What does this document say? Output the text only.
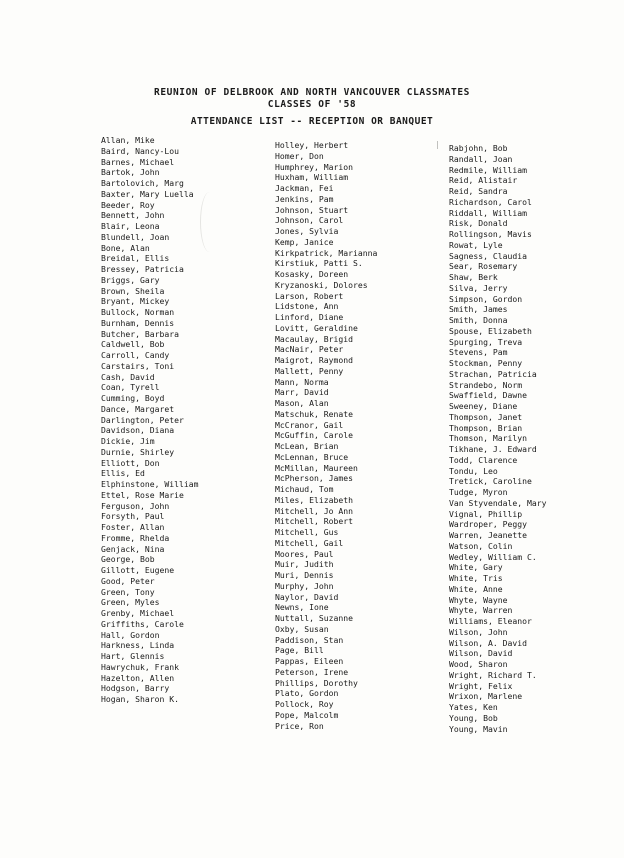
REUNION OF DELBROOK AND NORTH VANCOUVER CLASSMATES
CLASSES OF '58
ATTENDANCE LIST -- RECEPTION OR BANQUET
Allan, Mike
Baird, Nancy-Lou
Barnes, Michael
Bartok, John
Bartolovich, Marg
Baxter, Mary Luella
Beeder, Roy
Bennett, John
Blair, Leona
Blundell, Joan
Bone, Alan
Breidal, Ellis
Bressey, Patricia
Briggs, Gary
Brown, Sheila
Bryant, Mickey
Bullock, Norman
Burnham, Dennis
Butcher, Barbara
Caldwell, Bob
Carroll, Candy
Carstairs, Toni
Cash, David
Coan, Tyrell
Cumming, Boyd
Dance, Margaret
Darlington, Peter
Davidson, Diana
Dickie, Jim
Durnie, Shirley
Elliott, Don
Ellis, Ed
Elphinstone, William
Ettel, Rose Marie
Ferguson, John
Forsyth, Paul
Foster, Allan
Fromme, Rhelda
Genjack, Nina
George, Bob
Gillott, Eugene
Good, Peter
Green, Tony
Green, Myles
Grenby, Michael
Griffiths, Carole
Hall, Gordon
Harkness, Linda
Hart, Glennis
Hawrychuk, Frank
Hazelton, Allen
Hodgson, Barry
Hogan, Sharon K.
Holley, Herbert
Homer, Don
Humphrey, Marion
Huxham, William
Jackman, Fei
Jenkins, Pam
Johnson, Stuart
Johnson, Carol
Jones, Sylvia
Kemp, Janice
Kirkpatrick, Marianna
Kirstiuk, Patti S.
Kosasky, Doreen
Kryzanoski, Dolores
Larson, Robert
Lidstone, Ann
Linford, Diane
Lovitt, Geraldine
Macaulay, Brigid
MacNair, Peter
Maigrot, Raymond
Mallett, Penny
Mann, Norma
Marr, David
Mason, Alan
Matschuk, Renate
McCranor, Gail
McGuffin, Carole
McLean, Brian
McLennan, Bruce
McMillan, Maureen
McPherson, James
Michaud, Tom
Miles, Elizabeth
Mitchell, Jo Ann
Mitchell, Robert
Mitchell, Gus
Mitchell, Gail
Moores, Paul
Muir, Judith
Muri, Dennis
Murphy, John
Naylor, David
Newns, Ione
Nuttall, Suzanne
Oxby, Susan
Paddison, Stan
Page, Bill
Pappas, Eileen
Peterson, Irene
Phillips, Dorothy
Plato, Gordon
Pollock, Roy
Pope, Malcolm
Price, Ron
Rabjohn, Bob
Randall, Joan
Redmile, William
Reid, Alistair
Reid, Sandra
Richardson, Carol
Riddall, William
Risk, Donald
Rollingson, Mavis
Rowat, Lyle
Sagness, Claudia
Sear, Rosemary
Shaw, Berk
Silva, Jerry
Simpson, Gordon
Smith, James
Smith, Donna
Spouse, Elizabeth
Spurging, Treva
Stevens, Pam
Stockman, Penny
Strachan, Patricia
Strandebo, Norm
Swaffield, Dawne
Sweeney, Diane
Thompson, Janet
Thompson, Brian
Thomson, Marilyn
Tikhane, J. Edward
Todd, Clarence
Tondu, Leo
Tretick, Caroline
Tudge, Myron
Van Styvendale, Mary
Vignal, Phillip
Wardroper, Peggy
Warren, Jeanette
Watson, Colin
Wedley, William C.
White, Gary
White, Tris
White, Anne
Whyte, Wayne
Whyte, Warren
Williams, Eleanor
Wilson, John
Wilson, A. David
Wilson, David
Wood, Sharon
Wright, Richard T.
Wright, Felix
Wrixon, Marlene
Yates, Ken
Young, Bob
Young, Mavin
